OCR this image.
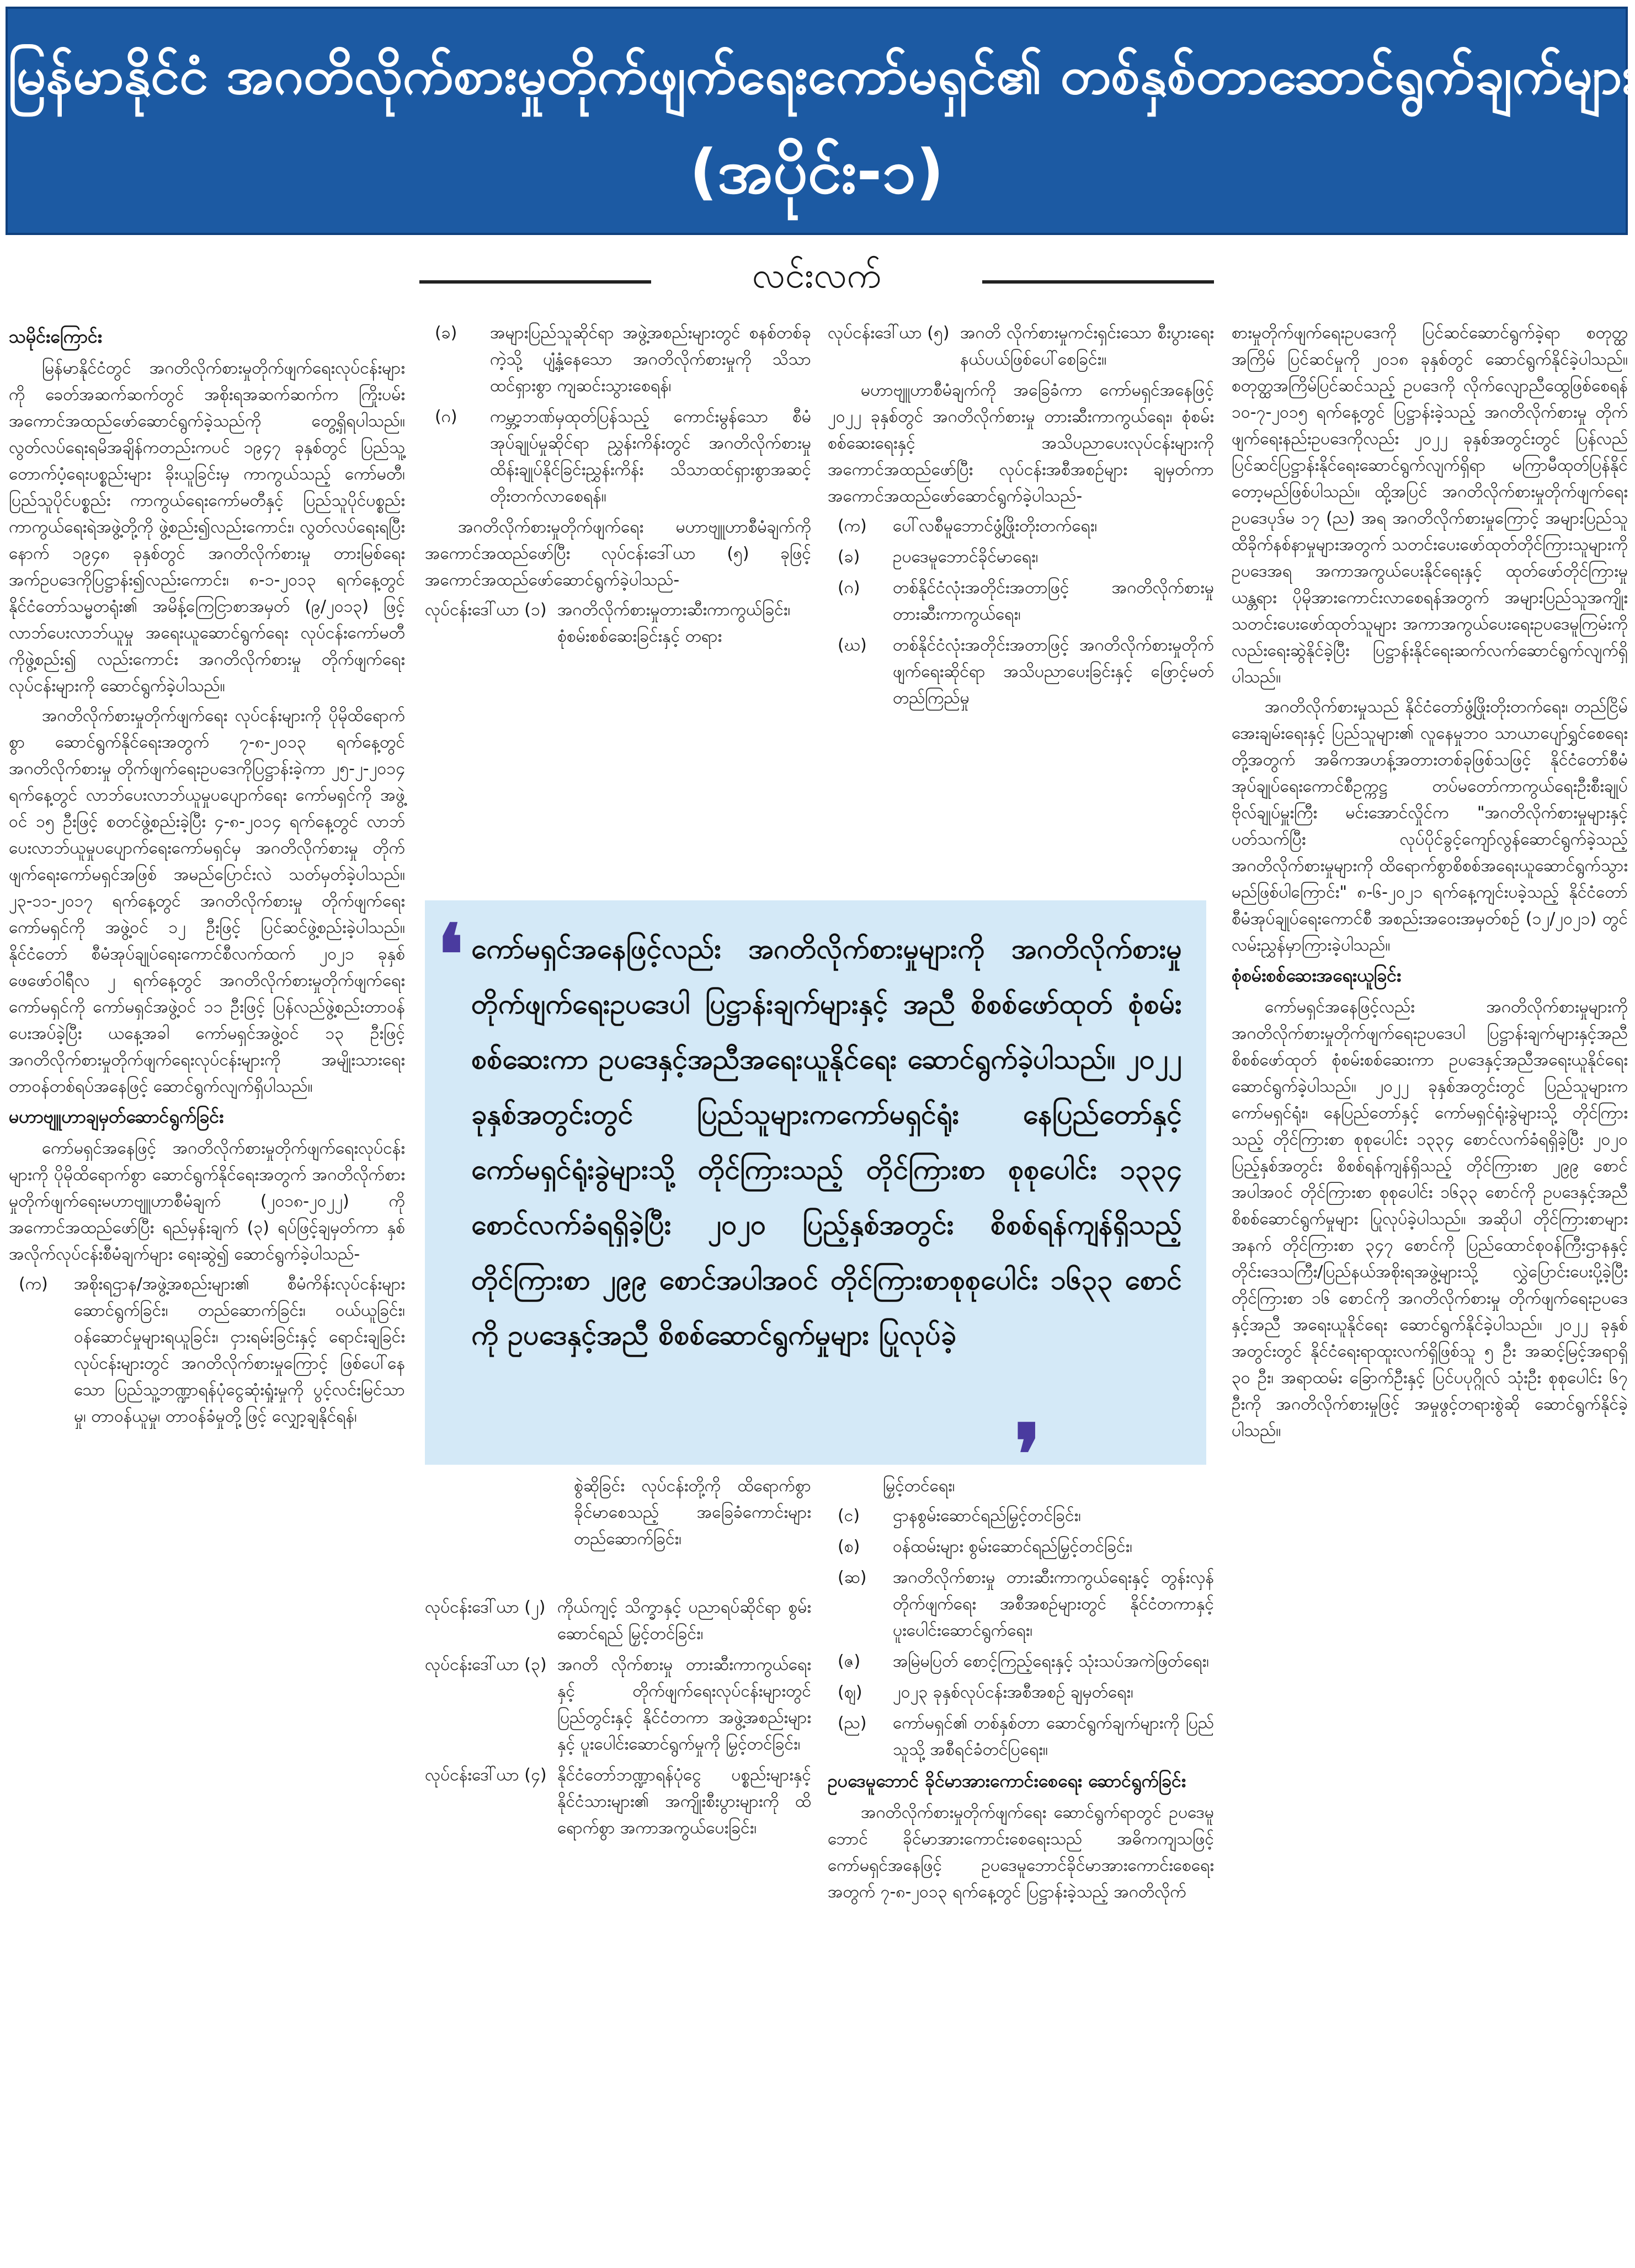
မြန်မာနိုင်ငံ အဂတိလိုက်စားမှုတိုက်ဖျက်ရေးကော်မရှင်၏ တစ်နှစ်တာဆောင်ရွက်ချက်များ
(အပိုင်း-၁)
လင်းလက်

သမိုင်းကြောင်း

မြန်မာနိုင်ငံတွင် အဂတိလိုက်စားမှုတိုက်ဖျက်ရေးလုပ်ငန်းများကို ခေတ်အဆက်ဆက်တွင် အစိုးရအဆက်ဆက်က ကြိုးပမ်းအကောင်အထည်ဖော်ဆောင်ရွက်ခဲ့သည်ကို တွေ့ရှိရပါသည်။ လွတ်လပ်ရေးရမိအချိန်ကတည်းကပင် ၁၉၄၇ ခုနှစ်တွင် ပြည်သူ့တောက်ပံ့ရေးပစ္စည်းများ ခိုးယူခြင်းမှ ကာကွယ်သည့် ကော်မတီ၊ ပြည်သူပိုင်ပစ္စည်း ကာကွယ်ရေးကော်မတီနှင့် ပြည်သူပိုင်ပစ္စည်း ကာကွယ်ရေးရဲအဖွဲ့တို့ကို ဖွဲ့စည်း၍လည်းကောင်း၊ လွတ်လပ်ရေးရပြီးနောက် ၁၉၄၈ ခုနှစ်တွင် အဂတိလိုက်စားမှု တားမြစ်ရေး အက်ဥပဒေကိုပြဋ္ဌာန်း၍လည်းကောင်း၊ ၈-၁-၂၀၁၃ ရက်နေ့တွင် နိုင်ငံတော်သမ္မတရုံး၏ အမိန့်ကြေငြာစာအမှတ် (၉/၂၀၁၃) ဖြင့် လာဘ်ပေးလာဘ်ယူမှု အရေးယူဆောင်ရွက်ရေး လုပ်ငန်းကော်မတီကိုဖွဲ့စည်း၍ လည်းကောင်း အဂတိလိုက်စားမှု တိုက်ဖျက်ရေးလုပ်ငန်းများကို ဆောင်ရွက်ခဲ့ပါသည်။

အဂတိလိုက်စားမှုတိုက်ဖျက်ရေး လုပ်ငန်းများကို ပိုမိုထိရောက်စွာ ဆောင်ရွက်နိုင်ရေးအတွက် ၇-၈-၂၀၁၃ ရက်နေ့တွင် အဂတိလိုက်စားမှု တိုက်ဖျက်ရေးဥပဒေကိုပြဋ္ဌာန်းခဲ့ကာ ၂၅-၂-၂၀၁၄ ရက်နေ့တွင် လာဘ်ပေးလာဘ်ယူမှုပပျောက်ရေး ကော်မရှင်ကို အဖွဲ့ဝင် ၁၅ ဦးဖြင့် စတင်ဖွဲ့စည်းခဲ့ပြီး ၄-၈-၂၀၁၄ ရက်နေ့တွင် လာဘ်ပေးလာဘ်ယူမှုပပျောက်ရေးကော်မရှင်မှ အဂတိလိုက်စားမှု တိုက်ဖျက်ရေးကော်မရှင်အဖြစ် အမည်ပြောင်းလဲ သတ်မှတ်ခဲ့ပါသည်။ ၂၃-၁၁-၂၀၁၇ ရက်နေ့တွင် အဂတိလိုက်စားမှု တိုက်ဖျက်ရေးကော်မရှင်ကို အဖွဲ့ဝင် ၁၂ ဦးဖြင့် ပြင်ဆင်ဖွဲ့စည်းခဲ့ပါသည်။ နိုင်ငံတော် စီမံအုပ်ချုပ်ရေးကောင်စီလက်ထက် ၂၀၂၁ ခုနှစ် ဖေဖော်ဝါရီလ ၂ ရက်နေ့တွင် အဂတိလိုက်စားမှုတိုက်ဖျက်ရေးကော်မရှင်ကို ကော်မရှင်အဖွဲ့ဝင် ၁၁ ဦးဖြင့် ပြန်လည်ဖွဲ့စည်းတာဝန်ပေးအပ်ခဲ့ပြီး ယနေ့အခါ ကော်မရှင်အဖွဲ့ဝင် ၁၃ ဦးဖြင့် အဂတိလိုက်စားမှုတိုက်ဖျက်ရေးလုပ်ငန်းများကို အမျိုးသားရေးတာဝန်တစ်ရပ်အနေဖြင့် ဆောင်ရွက်လျက်ရှိပါသည်။

မဟာဗျူဟာချမှတ်ဆောင်ရွက်ခြင်း

ကော်မရှင်အနေဖြင့် အဂတိလိုက်စားမှုတိုက်ဖျက်ရေးလုပ်ငန်းများကို ပိုမိုထိရောက်စွာ ဆောင်ရွက်နိုင်ရေးအတွက် အဂတိလိုက်စားမှုတိုက်ဖျက်ရေးမဟာဗျူဟာစီမံချက် (၂၀၁၈-၂၀၂၂) ကို အကောင်အထည်ဖော်ပြီး ရည်မှန်းချက် (၃) ရပ်ဖြင့်ချမှတ်ကာ နှစ်အလိုက်လုပ်ငန်းစီမံချက်များ ရေးဆွဲ၍ ဆောင်ရွက်ခဲ့ပါသည်-

(က)	အစိုးရဌာန/အဖွဲ့အစည်းများ၏ စီမံကိန်းလုပ်ငန်းများ ဆောင်ရွက်ခြင်း၊ တည်ဆောက်ခြင်း၊ ဝယ်ယူခြင်း၊ ဝန်ဆောင်မှုများရယူခြင်း၊ ငှားရမ်းခြင်းနှင့် ရောင်းချခြင်းလုပ်ငန်းများတွင် အဂတိလိုက်စားမှုကြောင့် ဖြစ်ပေါ်နေသော ပြည်သူ့ဘဏ္ဍာရန်ပုံငွေဆုံးရှုံးမှုကို ပွင့်လင်းမြင်သာမှု၊ တာဝန်ယူမှု၊ တာဝန်ခံမှုတို့ဖြင့် လျှော့ချနိုင်ရန်၊
(ခ)	အများပြည်သူဆိုင်ရာ အဖွဲ့အစည်းများတွင် စနစ်တစ်ခုကဲ့သို့ ပျံ့နှံ့နေသော အဂတိလိုက်စားမှုကို သိသာထင်ရှားစွာ ကျဆင်းသွားစေရန်၊
(ဂ)	ကမ္ဘာ့ဘဏ်မှထုတ်ပြန်သည့် ကောင်းမွန်သော စီမံအုပ်ချုပ်မှုဆိုင်ရာ ညွှန်းကိန်းတွင် အဂတိလိုက်စားမှု ထိန်းချုပ်နိုင်ခြင်းညွှန်းကိန်း သိသာထင်ရှားစွာအဆင့်တိုးတက်လာစေရန်။

အဂတိလိုက်စားမှုတိုက်ဖျက်ရေး မဟာဗျူဟာစီမံချက်ကို အကောင်အထည်ဖော်ပြီး လုပ်ငန်းဒေါ်ယာ (၅) ခုဖြင့် အကောင်အထည်ဖော်ဆောင်ရွက်ခဲ့ပါသည်-

လုပ်ငန်းဒေါ်ယာ (၁) အဂတိလိုက်စားမှုတားဆီးကာကွယ်ခြင်း၊ စုံစမ်းစစ်ဆေးခြင်းနှင့် တရား
လုပ်ငန်းဒေါ်ယာ (၅) အဂတိ လိုက်စားမှုကင်းရှင်းသော စီးပွားရေးနယ်ပယ်ဖြစ်ပေါ်စေခြင်း။

မဟာဗျူဟာစီမံချက်ကို အခြေခံကာ ကော်မရှင်အနေဖြင့် ၂၀၂၂ ခုနှစ်တွင် အဂတိလိုက်စားမှု တားဆီးကာကွယ်ရေး၊ စုံစမ်းစစ်ဆေးရေးနှင့် အသိပညာပေးလုပ်ငန်းများကို အကောင်အထည်ဖော်ပြီး လုပ်ငန်းအစီအစဉ်များ ချမှတ်ကာ အကောင်အထည်ဖော်ဆောင်ရွက်ခဲ့ပါသည်-

(က)	ပေါ်လစီမူဘောင်ဖွံ့ဖြိုးတိုးတက်ရေး၊
(ခ)	ဥပဒေမူဘောင်ခိုင်မာရေး၊
(ဂ)	တစ်နိုင်ငံလုံးအတိုင်းအတာဖြင့် အဂတိလိုက်စားမှု တားဆီးကာကွယ်ရေး၊
(ဃ)	တစ်နိုင်ငံလုံးအတိုင်းအတာဖြင့် အဂတိလိုက်စားမှုတိုက်ဖျက်ရေးဆိုင်ရာ အသိပညာပေးခြင်းနှင့် ဖြောင့်မတ်တည်ကြည်မှု
❛ ကော်မရှင်အနေဖြင့်လည်း အဂတိလိုက်စားမှုများကို အဂတိလိုက်စားမှုတိုက်ဖျက်ရေးဥပဒေပါ ပြဋ္ဌာန်းချက်များနှင့် အညီ စိစစ်ဖော်ထုတ် စုံစမ်းစစ်ဆေးကာ ဥပဒေနှင့်အညီအရေးယူနိုင်ရေး ဆောင်ရွက်ခဲ့ပါသည်။ ၂၀၂၂ ခုနှစ်အတွင်းတွင် ပြည်သူများကကော်မရှင်ရုံး နေပြည်တော်နှင့် ကော်မရှင်ရုံးခွဲများသို့ တိုင်ကြားသည့် တိုင်ကြားစာ စုစုပေါင်း ၁၃၃၄ စောင်လက်ခံရရှိခဲ့ပြီး ၂၀၂၀ ပြည့်နှစ်အတွင်း စိစစ်ရန်ကျန်ရှိသည့် တိုင်ကြားစာ ၂၉၉ စောင်အပါအဝင် တိုင်ကြားစာစုစုပေါင်း ၁၆၃၃ စောင်ကို ဥပဒေနှင့်အညီ စိစစ်ဆောင်ရွက်မှုများ ပြုလုပ်ခဲ့
❜

စွဲဆိုခြင်း လုပ်ငန်းတို့ကို ထိရောက်စွာ ခိုင်မာစေသည့် အခြေခံကောင်းများ တည်ဆောက်ခြင်း၊

လုပ်ငန်းဒေါ်ယာ (၂) ကိုယ်ကျင့် သိက္ခာနှင့် ပညာရပ်ဆိုင်ရာ စွမ်းဆောင်ရည် မြှင့်တင်ခြင်း၊
လုပ်ငန်းဒေါ်ယာ (၃) အဂတိ လိုက်စားမှု တားဆီးကာကွယ်ရေးနှင့် တိုက်ဖျက်ရေးလုပ်ငန်းများတွင် ပြည်တွင်းနှင့် နိုင်ငံတကာ အဖွဲ့အစည်းများနှင့် ပူးပေါင်းဆောင်ရွက်မှုကို မြှင့်တင်ခြင်း၊
လုပ်ငန်းဒေါ်ယာ (၄) နိုင်ငံတော်ဘဏ္ဍာရန်ပုံငွေ ပစ္စည်းများနှင့် နိုင်ငံသားများ၏ အကျိုးစီးပွားများကို ထိရောက်စွာ အကာအကွယ်ပေးခြင်း၊

မြှင့်တင်ရေး၊

(င)	ဌာနစွမ်းဆောင်ရည်မြှင့်တင်ခြင်း၊
(စ)	ဝန်ထမ်းများ စွမ်းဆောင်ရည်မြှင့်တင်ခြင်း၊
(ဆ)	အဂတိလိုက်စားမှု တားဆီးကာကွယ်ရေးနှင့် တွန်းလှန်တိုက်ဖျက်ရေး အစီအစဉ်များတွင် နိုင်ငံတကာနှင့်ပူးပေါင်းဆောင်ရွက်ရေး၊
(ဇ)	အမြဲမပြတ် စောင့်ကြည့်ရေးနှင့် သုံးသပ်အကဲဖြတ်ရေး၊
(ဈ)	၂၀၂၃ ခုနှစ်လုပ်ငန်းအစီအစဉ် ချမှတ်ရေး၊
(ည)	ကော်မရှင်၏ တစ်နှစ်တာ ဆောင်ရွက်ချက်များကို ပြည်သူသို့ အစီရင်ခံတင်ပြရေး။

ဥပဒေမူဘောင် ခိုင်မာအားကောင်းစေရေး ဆောင်ရွက်ခြင်း

အဂတိလိုက်စားမှုတိုက်ဖျက်ရေး ဆောင်ရွက်ရာတွင် ဥပဒေမူဘောင် ခိုင်မာအားကောင်းစေရေးသည် အဓိကကျသဖြင့် ကော်မရှင်အနေဖြင့် ဥပဒေမူဘောင်ခိုင်မာအားကောင်းစေရေးအတွက် ၇-၈-၂၀၁၃ ရက်နေ့တွင် ပြဋ္ဌာန်းခဲ့သည့် အဂတိလိုက်

စားမှုတိုက်ဖျက်ရေးဥပဒေကို ပြင်ဆင်ဆောင်ရွက်ခဲ့ရာ စတုတ္ထအကြိမ် ပြင်ဆင်မှုကို ၂၀၁၈ ခုနှစ်တွင် ဆောင်ရွက်နိုင်ခဲ့ပါသည်။ စတုတ္ထအကြိမ်ပြင်ဆင်သည့် ဥပဒေကို လိုက်လျောညီထွေဖြစ်စေရန် ၁၀-၇-၂၀၁၅ ရက်နေ့တွင် ပြဋ္ဌာန်းခဲ့သည့် အဂတိလိုက်စားမှု တိုက်ဖျက်ရေးနည်းဥပဒေကိုလည်း ၂၀၂၂ ခုနှစ်အတွင်းတွင် ပြန်လည်ပြင်ဆင်ပြဋ္ဌာန်းနိုင်ရေးဆောင်ရွက်လျက်ရှိရာ မကြာမီထုတ်ပြန်နိုင်တော့မည်ဖြစ်ပါသည်။ ထို့အပြင် အဂတိလိုက်စားမှုတိုက်ဖျက်ရေးဥပဒေပုဒ်မ ၁၇ (ည) အရ အဂတိလိုက်စားမှုကြောင့် အများပြည်သူထိခိုက်နစ်နာမှုများအတွက် သတင်းပေးဖော်ထုတ်တိုင်ကြားသူများကိုဥပဒေအရ အကာအကွယ်ပေးနိုင်ရေးနှင့် ထုတ်ဖော်တိုင်ကြားမှုယန္တရား ပိုမိုအားကောင်းလာစေရန်အတွက် အများပြည်သူအကျိုးသတင်းပေးဖော်ထုတ်သူများ အကာအကွယ်ပေးရေးဥပဒေမူကြမ်းကိုလည်းရေးဆွဲနိုင်ခဲ့ပြီး ပြဋ္ဌာန်းနိုင်ရေးဆက်လက်ဆောင်ရွက်လျက်ရှိပါသည်။

အဂတိလိုက်စားမှုသည် နိုင်ငံတော်ဖွံ့ဖြိုးတိုးတက်ရေး၊ တည်ငြိမ်အေးချမ်းရေးနှင့် ပြည်သူများ၏ လူနေမှုဘဝ သာယာပျော်ရွှင်စေရေးတို့အတွက် အဓိကအဟန့်အတားတစ်ခုဖြစ်သဖြင့် နိုင်ငံတော်စီမံအုပ်ချုပ်ရေးကောင်စီဥက္ကဋ္ဌ တပ်မတော်ကာကွယ်ရေးဦးစီးချုပ် ဗိုလ်ချုပ်မှူးကြီး မင်းအောင်လှိုင်က "အဂတိလိုက်စားမှုများနှင့် ပတ်သက်ပြီး လုပ်ပိုင်ခွင့်ကျော်လွန်ဆောင်ရွက်ခဲ့သည့် အဂတိလိုက်စားမှုများကို ထိရောက်စွာစိစစ်အရေးယူဆောင်ရွက်သွားမည်ဖြစ်ပါကြောင်း" ၈-၆-၂၀၂၁ ရက်နေ့ကျင်းပခဲ့သည့် နိုင်ငံတော် စီမံအုပ်ချုပ်ရေးကောင်စီ အစည်းအဝေးအမှတ်စဉ် (၁၂/၂၀၂၁) တွင် လမ်းညွှန်မှာကြားခဲ့ပါသည်။

စုံစမ်းစစ်ဆေးအရေးယူခြင်း

ကော်မရှင်အနေဖြင့်လည်း အဂတိလိုက်စားမှုများကို အဂတိလိုက်စားမှုတိုက်ဖျက်ရေးဥပဒေပါ ပြဋ္ဌာန်းချက်များနှင့်အညီ စိစစ်ဖော်ထုတ် စုံစမ်းစစ်ဆေးကာ ဥပဒေနှင့်အညီအရေးယူနိုင်ရေး ဆောင်ရွက်ခဲ့ပါသည်။ ၂၀၂၂ ခုနှစ်အတွင်းတွင် ပြည်သူများက ကော်မရှင်ရုံး၊ နေပြည်တော်နှင့် ကော်မရှင်ရုံးခွဲများသို့ တိုင်ကြားသည့် တိုင်ကြားစာ စုစုပေါင်း ၁၃၃၄ စောင်လက်ခံရရှိခဲ့ပြီး ၂၀၂၀ ပြည့်နှစ်အတွင်း စိစစ်ရန်ကျန်ရှိသည့် တိုင်ကြားစာ ၂၉၉ စောင်အပါအဝင် တိုင်ကြားစာ စုစုပေါင်း ၁၆၃၃ စောင်ကို ဥပဒေနှင့်အညီ စိစစ်ဆောင်ရွက်မှုများ ပြုလုပ်ခဲ့ပါသည်။ အဆိုပါ တိုင်ကြားစာများအနက် တိုင်ကြားစာ ၃၄၇ စောင်ကို ပြည်ထောင်စုဝန်ကြီးဌာနနှင့် တိုင်းဒေသကြီး/ပြည်နယ်အစိုးရအဖွဲ့များသို့ လွှဲပြောင်းပေးပို့ခဲ့ပြီး တိုင်ကြားစာ ၁၆ စောင်ကို အဂတိလိုက်စားမှု တိုက်ဖျက်ရေးဥပဒေနှင့်အညီ အရေးယူနိုင်ရေး ဆောင်ရွက်နိုင်ခဲ့ပါသည်။ ၂၀၂၂ ခုနှစ်အတွင်းတွင် နိုင်ငံရေးရာထူးလက်ရှိဖြစ်သူ ၅ ဦး အဆင့်မြင့်အရာရှိ ၃၀ ဦး၊ အရာထမ်း ခြောက်ဦးနှင့် ပြင်ပပုဂ္ဂိုလ် သုံးဦး စုစုပေါင်း ၆၇ ဦးကို အဂတိလိုက်စားမှုဖြင့် အမှုဖွင့်တရားစွဲဆို ဆောင်ရွက်နိုင်ခဲ့ပါသည်။
